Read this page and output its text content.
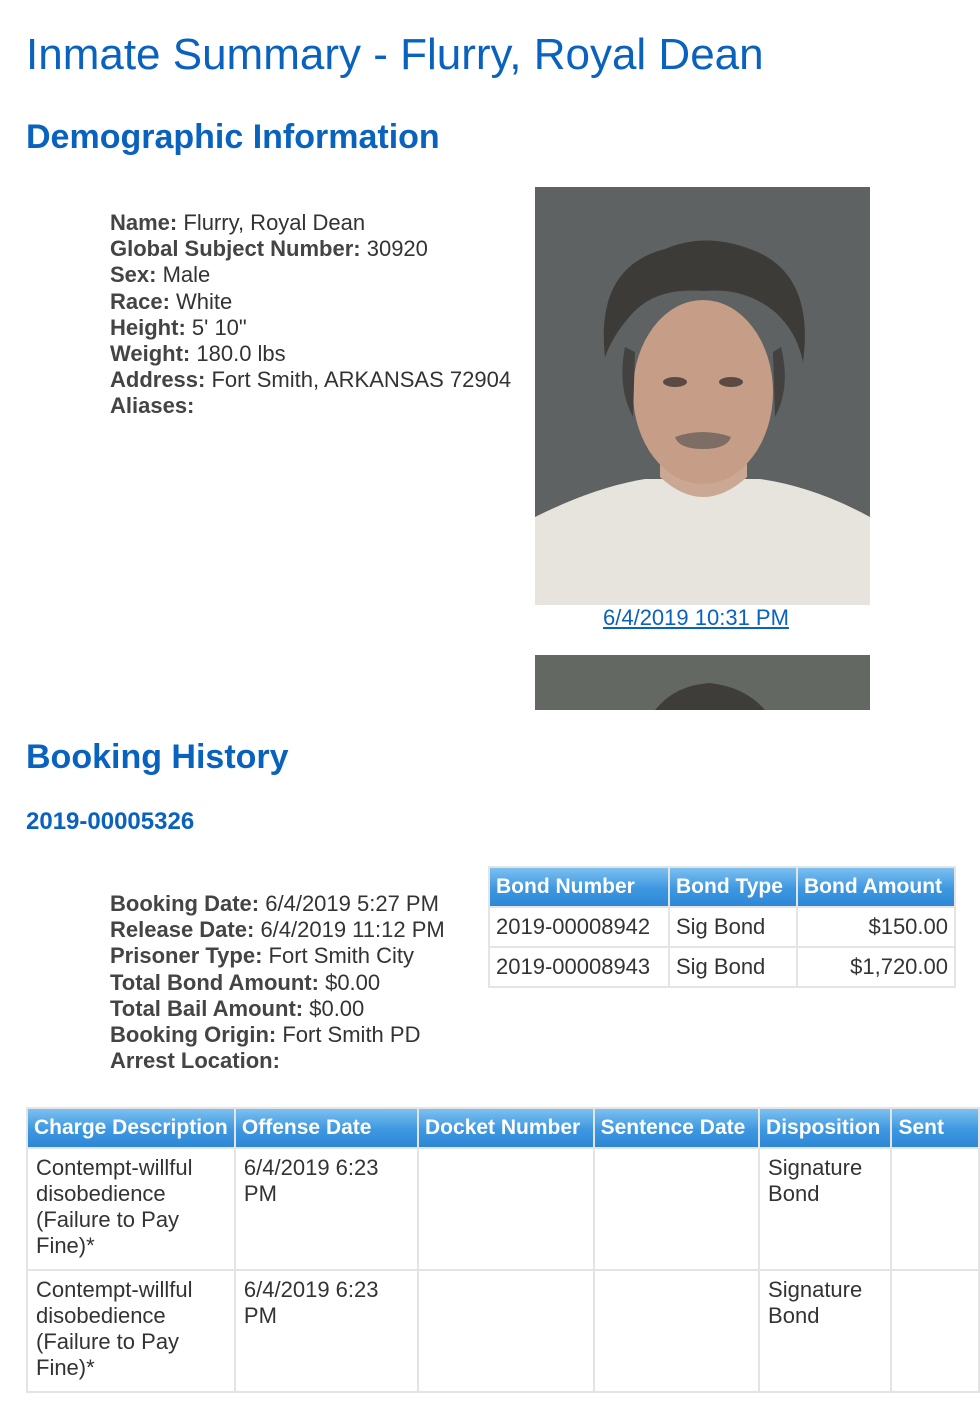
Inmate Summary - Flurry, Royal Dean
Demographic Information
Name: Flurry, Royal Dean
Global Subject Number: 30920
Sex: Male
Race: White
Height: 5' 10"
Weight: 180.0 lbs
Address: Fort Smith, ARKANSAS 72904
Aliases:
6/4/2019 10:31 PM
Booking History
2019-00005326
Booking Date: 6/4/2019 5:27 PM
Release Date: 6/4/2019 11:12 PM
Prisoner Type: Fort Smith City
Total Bond Amount: $0.00
Total Bail Amount: $0.00
Booking Origin: Fort Smith PD
Arrest Location:
Bond Number	Bond Type	Bond Amount
2019-00008942	Sig Bond	$150.00
2019-00008943	Sig Bond	$1,720.00
Charge Description	Offense Date	Docket Number	Sentence Date	Disposition	Sent
Contempt-willful disobedience (Failure to Pay Fine)*	6/4/2019 6:23 PM			Signature Bond	
Contempt-willful disobedience (Failure to Pay Fine)*	6/4/2019 6:23 PM			Signature Bond	
